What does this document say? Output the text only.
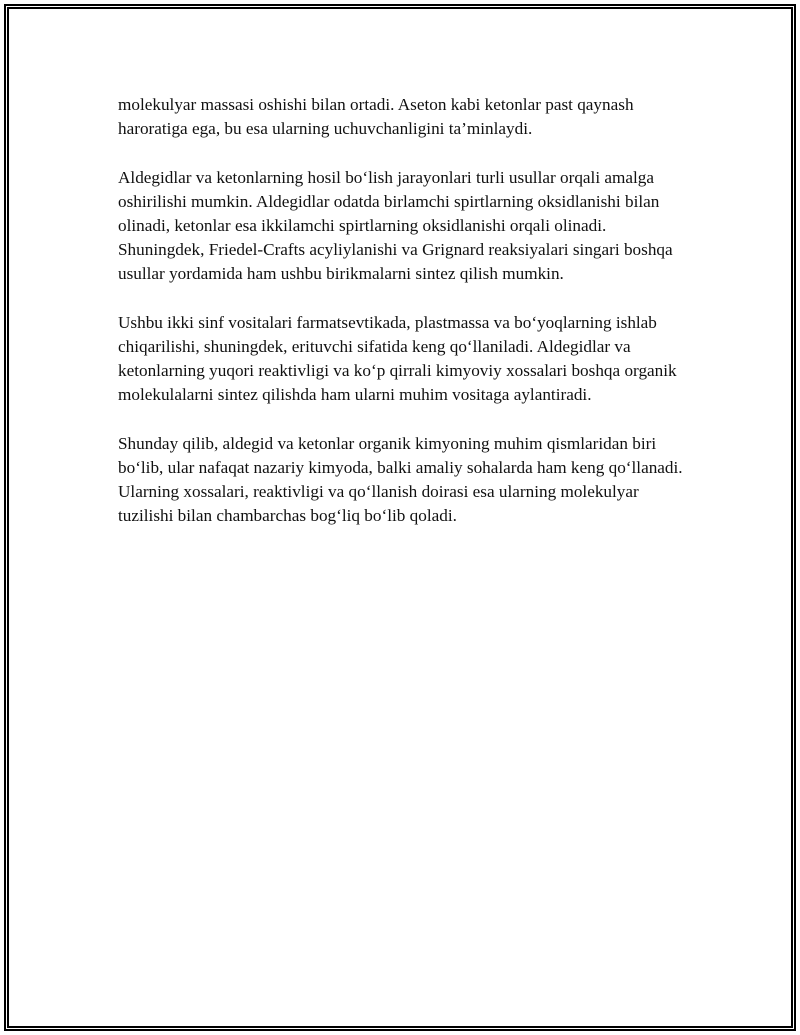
molekulyar massasi oshishi bilan ortadi. Aseton kabi ketonlar past qaynash haroratiga ega, bu esa ularning uchuvchanligini ta’minlaydi.

Aldegidlar va ketonlarning hosil bo‘lish jarayonlari turli usullar orqali amalga oshirilishi mumkin. Aldegidlar odatda birlamchi spirtlarning oksidlanishi bilan olinadi, ketonlar esa ikkilamchi spirtlarning oksidlanishi orqali olinadi. Shuningdek, Friedel-Crafts acyliylanishi va Grignard reaksiyalari singari boshqa usullar yordamida ham ushbu birikmalarni sintez qilish mumkin.

Ushbu ikki sinf vositalari farmatsevtikada, plastmassa va bo‘yoqlarning ishlab chiqarilishi, shuningdek, erituvchi sifatida keng qo‘llaniladi. Aldegidlar va ketonlarning yuqori reaktivligi va ko‘p qirrali kimyoviy xossalari boshqa organik molekulalarni sintez qilishda ham ularni muhim vositaga aylantiradi.

Shunday qilib, aldegid va ketonlar organik kimyoning muhim qismlaridan biri bo‘lib, ular nafaqat nazariy kimyoda, balki amaliy sohalarda ham keng qo‘llanadi. Ularning xossalari, reaktivligi va qo‘llanish doirasi esa ularning molekulyar tuzilishi bilan chambarchas bog‘liq bo‘lib qoladi.
